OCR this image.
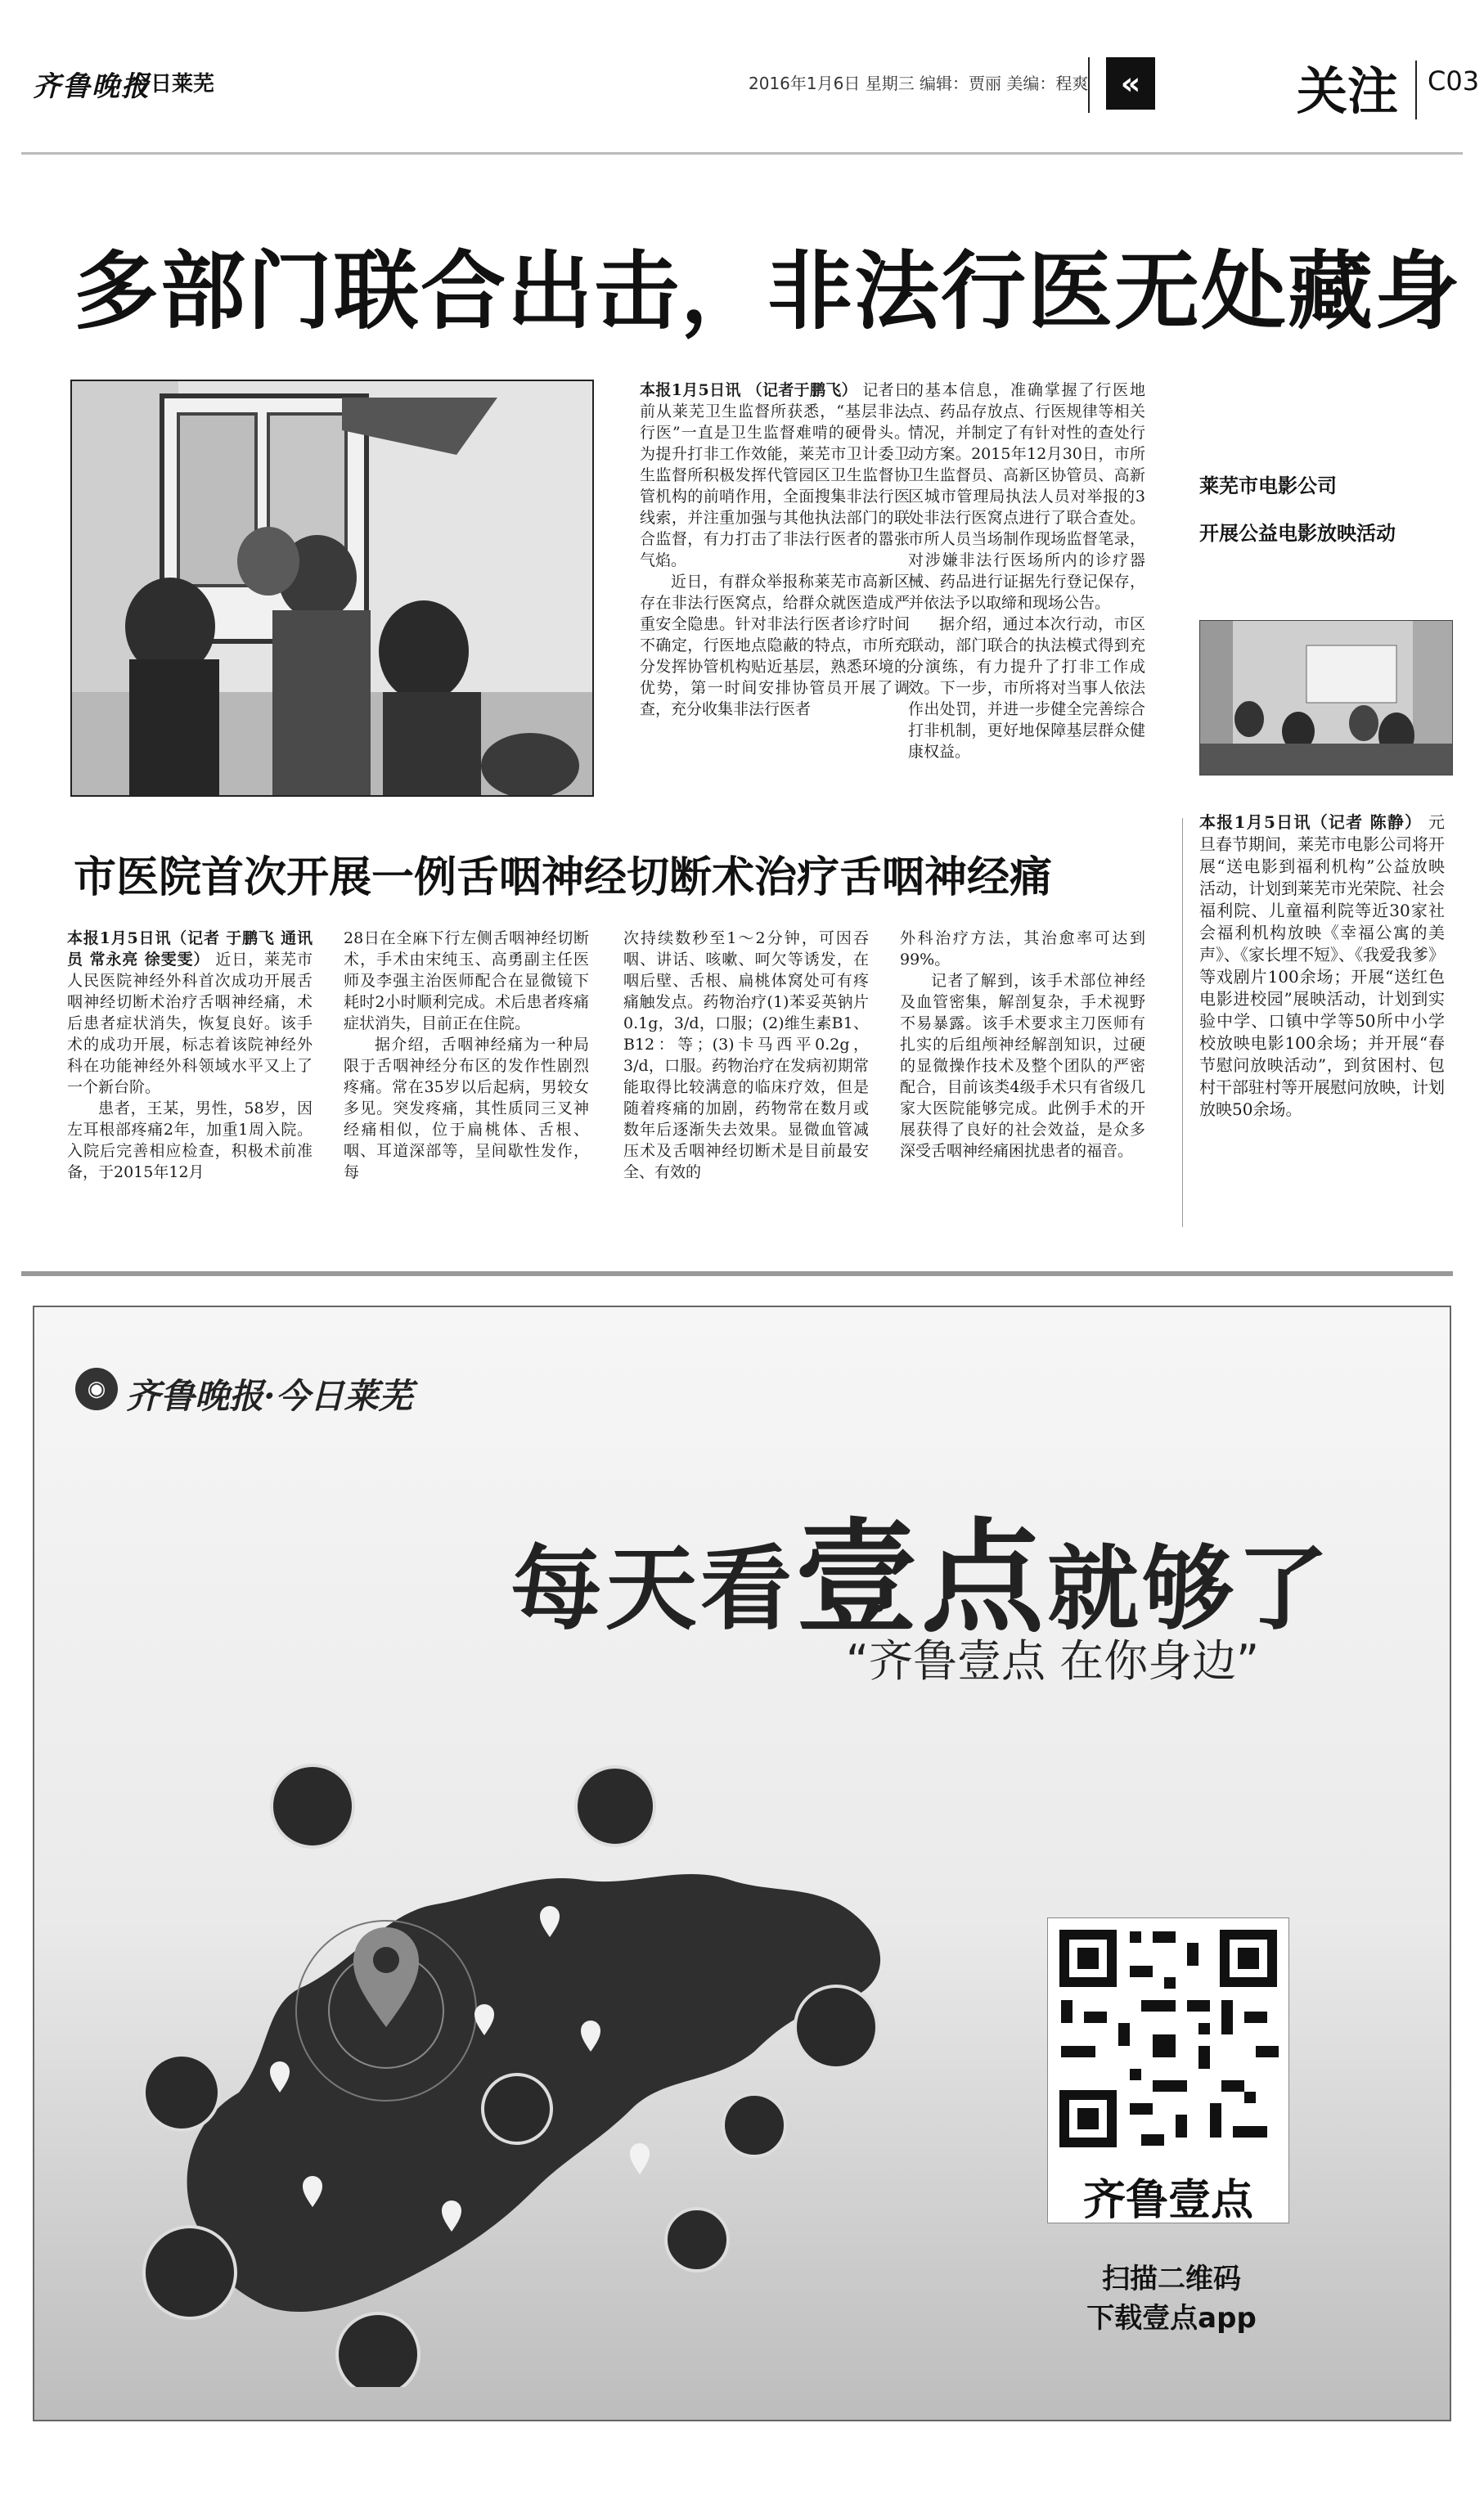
齐鲁晚报
今日莱芜	2016年1月6日 星期三 编辑：贾丽 美编：程爽	«	关注 C03
多部门联合出击，非法行医无处藏身

本报1月5日讯 （记者于鹏飞） 记者日前从莱芜卫生监督所获悉，“基层非法行医”一直是卫生监督难啃的硬骨头。为提升打非工作效能，莱芜市卫计委卫生监督所积极发挥代管园区卫生监督协管机构的前哨作用，全面搜集非法行医线索，并注重加强与其他执法部门的联合监督，有力打击了非法行医者的嚣张气焰。

近日，有群众举报称莱芜市高新区存在非法行医窝点，给群众就医造成严重安全隐患。针对非法行医者诊疗时间不确定，行医地点隐蔽的特点，市所充分发挥协管机构贴近基层，熟悉环境的优势，第一时间安排协管员开展了调查，充分收集非法行医者

的基本信息，准确掌握了行医地点、药品存放点、行医规律等相关情况，并制定了有针对性的查处行动方案。2015年12月30日，市所卫生监督员、高新区协管员、高新区城市管理局执法人员对举报的3处非法行医窝点进行了联合查处。市所人员当场制作现场监督笔录，对涉嫌非法行医场所内的诊疗器械、药品进行证据先行登记保存，并依法予以取缔和现场公告。

据介绍，通过本次行动，市区联动，部门联合的执法模式得到充分演练，有力提升了打非工作成效。下一步，市所将对当事人依法作出处罚，并进一步健全完善综合打非机制，更好地保障基层群众健康权益。

莱芜市电影公司
开展公益电影放映活动

本报1月5日讯（记者 陈静） 元旦春节期间，莱芜市电影公司将开展“送电影到福利机构”公益放映活动，计划到莱芜市光荣院、社会福利院、儿童福利院等近30家社会福利机构放映《幸福公寓的美声》、《家长埋不短》、《我爱我爹》等戏剧片100余场；开展“送红色电影进校园”展映活动，计划到实验中学、口镇中学等50所中小学校放映电影100余场；并开展“春节慰问放映活动”，到贫困村、包村干部驻村等开展慰问放映，计划放映50余场。

市医院首次开展一例舌咽神经切断术治疗舌咽神经痛

本报1月5日讯（记者 于鹏飞 通讯员 常永亮 徐雯雯） 近日，莱芜市人民医院神经外科首次成功开展舌咽神经切断术治疗舌咽神经痛，术后患者症状消失，恢复良好。该手术的成功开展，标志着该院神经外科在功能神经外科领域水平又上了一个新台阶。

患者，王某，男性，58岁，因左耳根部疼痛2年，加重1周入院。入院后完善相应检查，积极术前准备，于2015年12月

28日在全麻下行左侧舌咽神经切断术，手术由宋纯玉、高勇副主任医师及李强主治医师配合在显微镜下耗时2小时顺利完成。术后患者疼痛症状消失，目前正在住院。

据介绍，舌咽神经痛为一种局限于舌咽神经分布区的发作性剧烈疼痛。常在35岁以后起病，男较女多见。突发疼痛，其性质同三叉神经痛相似，位于扁桃体、舌根、咽、耳道深部等，呈间歇性发作，每

次持续数秒至1～2分钟，可因吞咽、讲话、咳嗽、呵欠等诱发，在咽后壁、舌根、扁桃体窝处可有疼痛触发点。药物治疗(1)苯妥英钠片0.1g，3/d，口服；(2)维生素B1、B12：等；(3)卡马西平0.2g，3/d，口服。药物治疗在发病初期常能取得比较满意的临床疗效，但是随着疼痛的加剧，药物常在数月或数年后逐渐失去效果。显微血管减压术及舌咽神经切断术是目前最安全、有效的

外科治疗方法，其治愈率可达到99%。

记者了解到，该手术部位神经及血管密集，解剖复杂，手术视野不易暴露。该手术要求主刀医师有扎实的后组颅神经解剖知识，过硬的显微操作技术及整个团队的严密配合，目前该类4级手术只有省级几家大医院能够完成。此例手术的开展获得了良好的社会效益，是众多深受舌咽神经痛困扰患者的福音。

◉ 齐鲁晚报·今日莱芜
每天看壹点就够了
“齐鲁壹点 在你身边”
齐鲁壹点
扫描二维码
下载壹点app
